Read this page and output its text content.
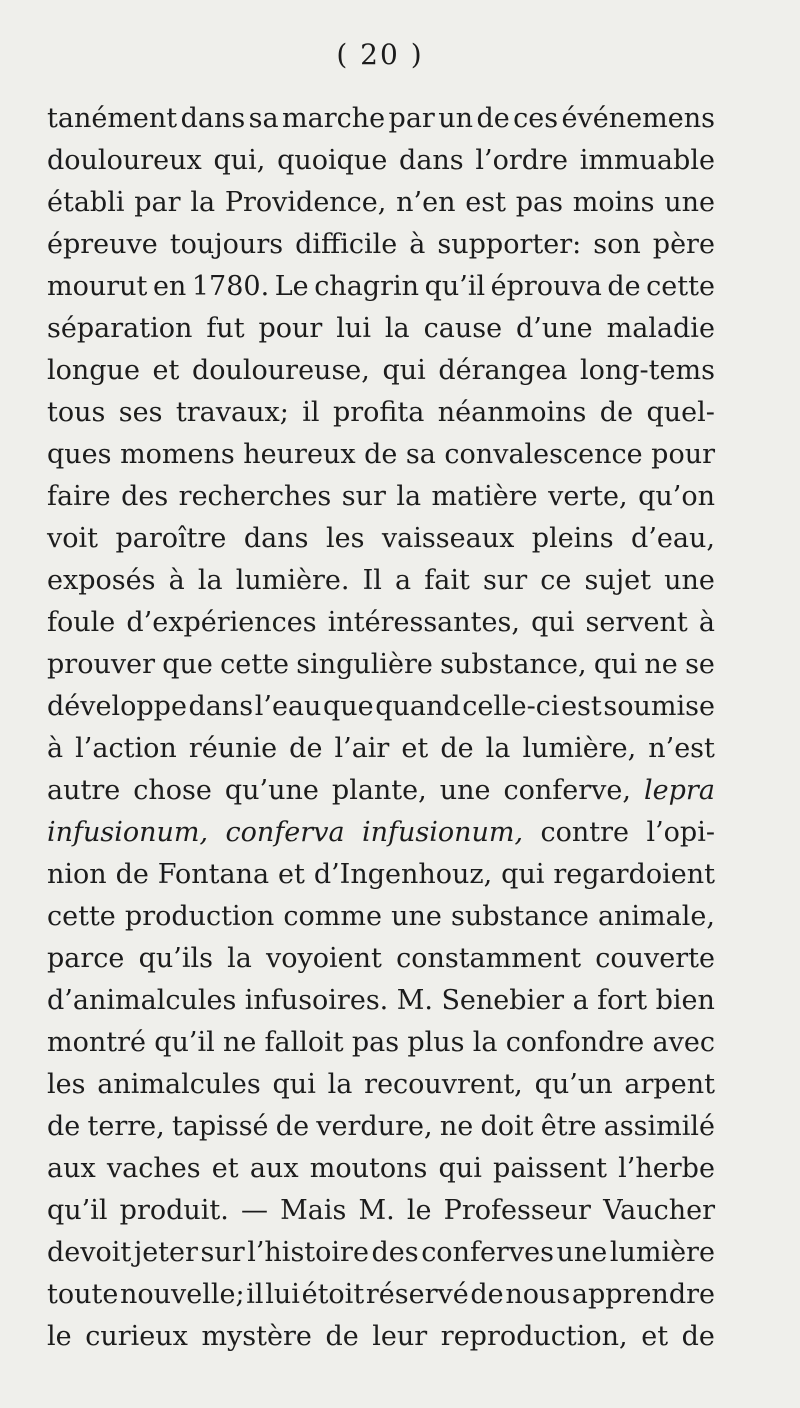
( 20 )
tanément dans sa marche par un de ces événemens
douloureux qui, quoique dans l’ordre immuable
établi par la Providence, n’en est pas moins une
épreuve toujours difficile à supporter: son père
mourut en 1780. Le chagrin qu’il éprouva de cette
séparation fut pour lui la cause d’une maladie
longue et douloureuse, qui dérangea long-tems
tous ses travaux; il profita néanmoins de quel-
ques momens heureux de sa convalescence pour
faire des recherches sur la matière verte, qu’on
voit paroître dans les vaisseaux pleins d’eau,
exposés à la lumière. Il a fait sur ce sujet une
foule d’expériences intéressantes, qui servent à
prouver que cette singulière substance, qui ne se
développe dans l’eau que quand celle-ci est soumise
à l’action réunie de l’air et de la lumière, n’est
autre chose qu’une plante, une conferve, lepra
infusionum, conferva infusionum, contre l’opi-
nion de Fontana et d’Ingenhouz, qui regardoient
cette production comme une substance animale,
parce qu’ils la voyoient constamment couverte
d’animalcules infusoires. M. Senebier a fort bien
montré qu’il ne falloit pas plus la confondre avec
les animalcules qui la recouvrent, qu’un arpent
de terre, tapissé de verdure, ne doit être assimilé
aux vaches et aux moutons qui paissent l’herbe
qu’il produit. — Mais M. le Professeur Vaucher
devoit jeter sur l’histoire des conferves une lumière
toute nouvelle; il lui étoit réservé de nous apprendre
le curieux mystère de leur reproduction, et de
